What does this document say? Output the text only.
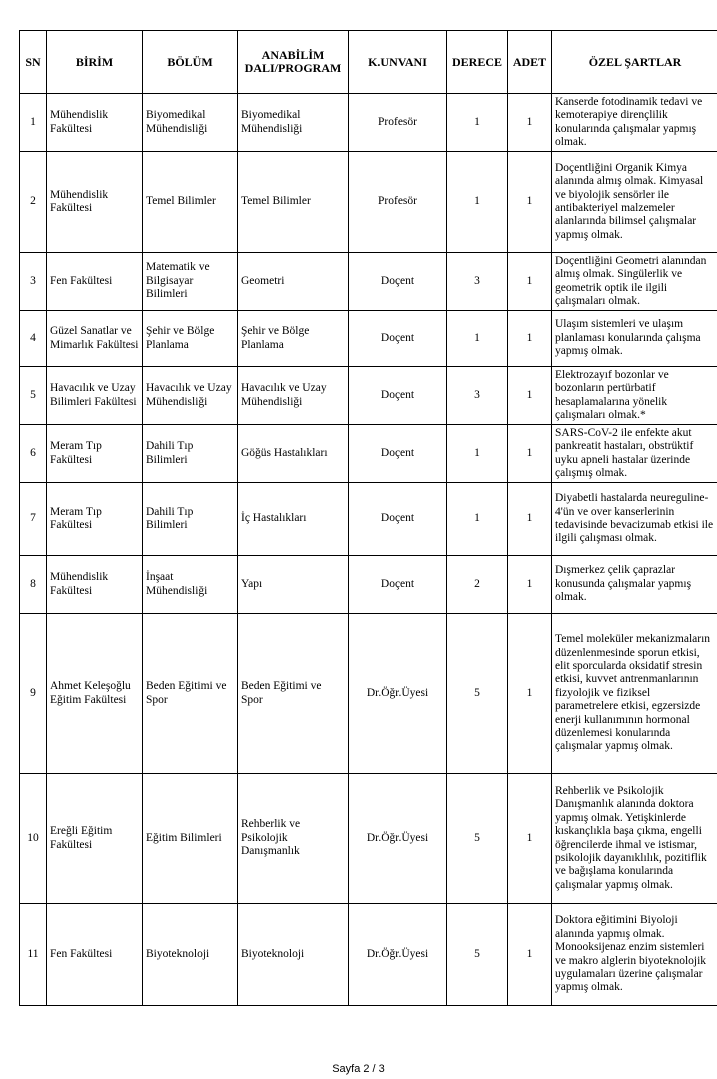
SN	BİRİM	BÖLÜM	ANABİLİM DALI/PROGRAM	K.UNVANI	DERECE	ADET	ÖZEL ŞARTLAR
1	Mühendislik Fakültesi	Biyomedikal Mühendisliği	Biyomedikal Mühendisliği	Profesör	1	1	Kanserde fotodinamik tedavi ve kemoterapiye dirençlilik konularında çalışmalar yapmış olmak.
2	Mühendislik Fakültesi	Temel Bilimler	Temel Bilimler	Profesör	1	1	Doçentliğini Organik Kimya alanında almış olmak. Kimyasal ve biyolojik sensörler ile antibakteriyel malzemeler alanlarında bilimsel çalışmalar yapmış olmak.
3	Fen Fakültesi	Matematik ve Bilgisayar Bilimleri	Geometri	Doçent	3	1	Doçentliğini Geometri alanından almış olmak. Singülerlik ve geometrik optik ile ilgili çalışmaları olmak.
4	Güzel Sanatlar ve Mimarlık Fakültesi	Şehir ve Bölge Planlama	Şehir ve Bölge Planlama	Doçent	1	1	Ulaşım sistemleri ve ulaşım planlaması konularında çalışma yapmış olmak.
5	Havacılık ve Uzay Bilimleri Fakültesi	Havacılık ve Uzay Mühendisliği	Havacılık ve Uzay Mühendisliği	Doçent	3	1	Elektrozayıf bozonlar ve bozonların pertürbatif hesaplamalarına yönelik çalışmaları olmak.*
6	Meram Tıp Fakültesi	Dahili Tıp Bilimleri	Göğüs Hastalıkları	Doçent	1	1	SARS-CoV-2 ile enfekte akut pankreatit hastaları, obstrüktif uyku apneli hastalar üzerinde çalışmış olmak.
7	Meram Tıp Fakültesi	Dahili Tıp Bilimleri	İç Hastalıkları	Doçent	1	1	Diyabetli hastalarda neureguline-4'ün ve over kanserlerinin tedavisinde bevacizumab etkisi ile ilgili çalışması olmak.
8	Mühendislik Fakültesi	İnşaat Mühendisliği	Yapı	Doçent	2	1	Dışmerkez çelik çaprazlar konusunda çalışmalar yapmış olmak.
9	Ahmet Keleşoğlu Eğitim Fakültesi	Beden Eğitimi ve Spor	Beden Eğitimi ve Spor	Dr.Öğr.Üyesi	5	1	Temel moleküler mekanizmaların düzenlenmesinde sporun etkisi, elit sporcularda oksidatif stresin etkisi, kuvvet antrenmanlarının fizyolojik ve fiziksel parametrelere etkisi, egzersizde enerji kullanımının hormonal düzenlemesi konularında çalışmalar yapmış olmak.
10	Ereğli Eğitim Fakültesi	Eğitim Bilimleri	Rehberlik ve Psikolojik Danışmanlık	Dr.Öğr.Üyesi	5	1	Rehberlik ve Psikolojik Danışmanlık alanında doktora yapmış olmak. Yetişkinlerde kıskançlıkla başa çıkma, engelli öğrencilerde ihmal ve istismar, psikolojik dayanıklılık, pozitiflik ve bağışlama konularında çalışmalar yapmış olmak.
11	Fen Fakültesi	Biyoteknoloji	Biyoteknoloji	Dr.Öğr.Üyesi	5	1	Doktora eğitimini Biyoloji alanında yapmış olmak. Monooksijenaz enzim sistemleri ve makro alglerin biyoteknolojik uygulamaları üzerine çalışmalar yapmış olmak.
Sayfa 2 / 3
